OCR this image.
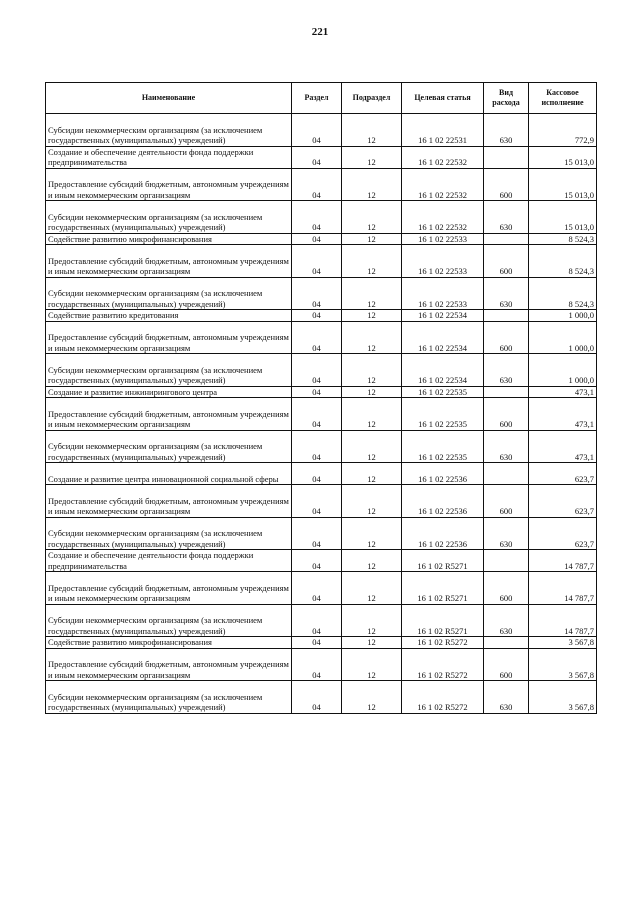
221
Наименование	Раздел	Подраздел	Целевая статья	Вид расхода	Кассовое исполнение
Субсидии некоммерческим организациям (за исключением государственных (муниципальных) учреждений)	04	12	16 1 02 22531	630	772,9
Создание и обеспечение деятельности фонда поддержки предпринимательства	04	12	16 1 02 22532		15 013,0
Предоставление субсидий бюджетным, автономным учреждениям и иным некоммерческим организациям	04	12	16 1 02 22532	600	15 013,0
Субсидии некоммерческим организациям (за исключением государственных (муниципальных) учреждений)	04	12	16 1 02 22532	630	15 013,0
Содействие развитию микрофинансирования	04	12	16 1 02 22533		8 524,3
Предоставление субсидий бюджетным, автономным учреждениям и иным некоммерческим организациям	04	12	16 1 02 22533	600	8 524,3
Субсидии некоммерческим организациям (за исключением государственных (муниципальных) учреждений)	04	12	16 1 02 22533	630	8 524,3
Содействие развитию кредитования	04	12	16 1 02 22534		1 000,0
Предоставление субсидий бюджетным, автономным учреждениям и иным некоммерческим организациям	04	12	16 1 02 22534	600	1 000,0
Субсидии некоммерческим организациям (за исключением государственных (муниципальных) учреждений)	04	12	16 1 02 22534	630	1 000,0
Создание и развитие инжинирингового центра	04	12	16 1 02 22535		473,1
Предоставление субсидий бюджетным, автономным учреждениям и иным некоммерческим организациям	04	12	16 1 02 22535	600	473,1
Субсидии некоммерческим организациям (за исключением государственных (муниципальных) учреждений)	04	12	16 1 02 22535	630	473,1
Создание и развитие центра инновационной социальной сферы	04	12	16 1 02 22536		623,7
Предоставление субсидий бюджетным, автономным учреждениям и иным некоммерческим организациям	04	12	16 1 02 22536	600	623,7
Субсидии некоммерческим организациям (за исключением государственных (муниципальных) учреждений)	04	12	16 1 02 22536	630	623,7
Создание и обеспечение деятельности фонда поддержки предпринимательства	04	12	16 1 02 R5271		14 787,7
Предоставление субсидий бюджетным, автономным учреждениям и иным некоммерческим организациям	04	12	16 1 02 R5271	600	14 787,7
Субсидии некоммерческим организациям (за исключением государственных (муниципальных) учреждений)	04	12	16 1 02 R5271	630	14 787,7
Содействие развитию микрофинансирования	04	12	16 1 02 R5272		3 567,8
Предоставление субсидий бюджетным, автономным учреждениям и иным некоммерческим организациям	04	12	16 1 02 R5272	600	3 567,8
Субсидии некоммерческим организациям (за исключением государственных (муниципальных) учреждений)	04	12	16 1 02 R5272	630	3 567,8
